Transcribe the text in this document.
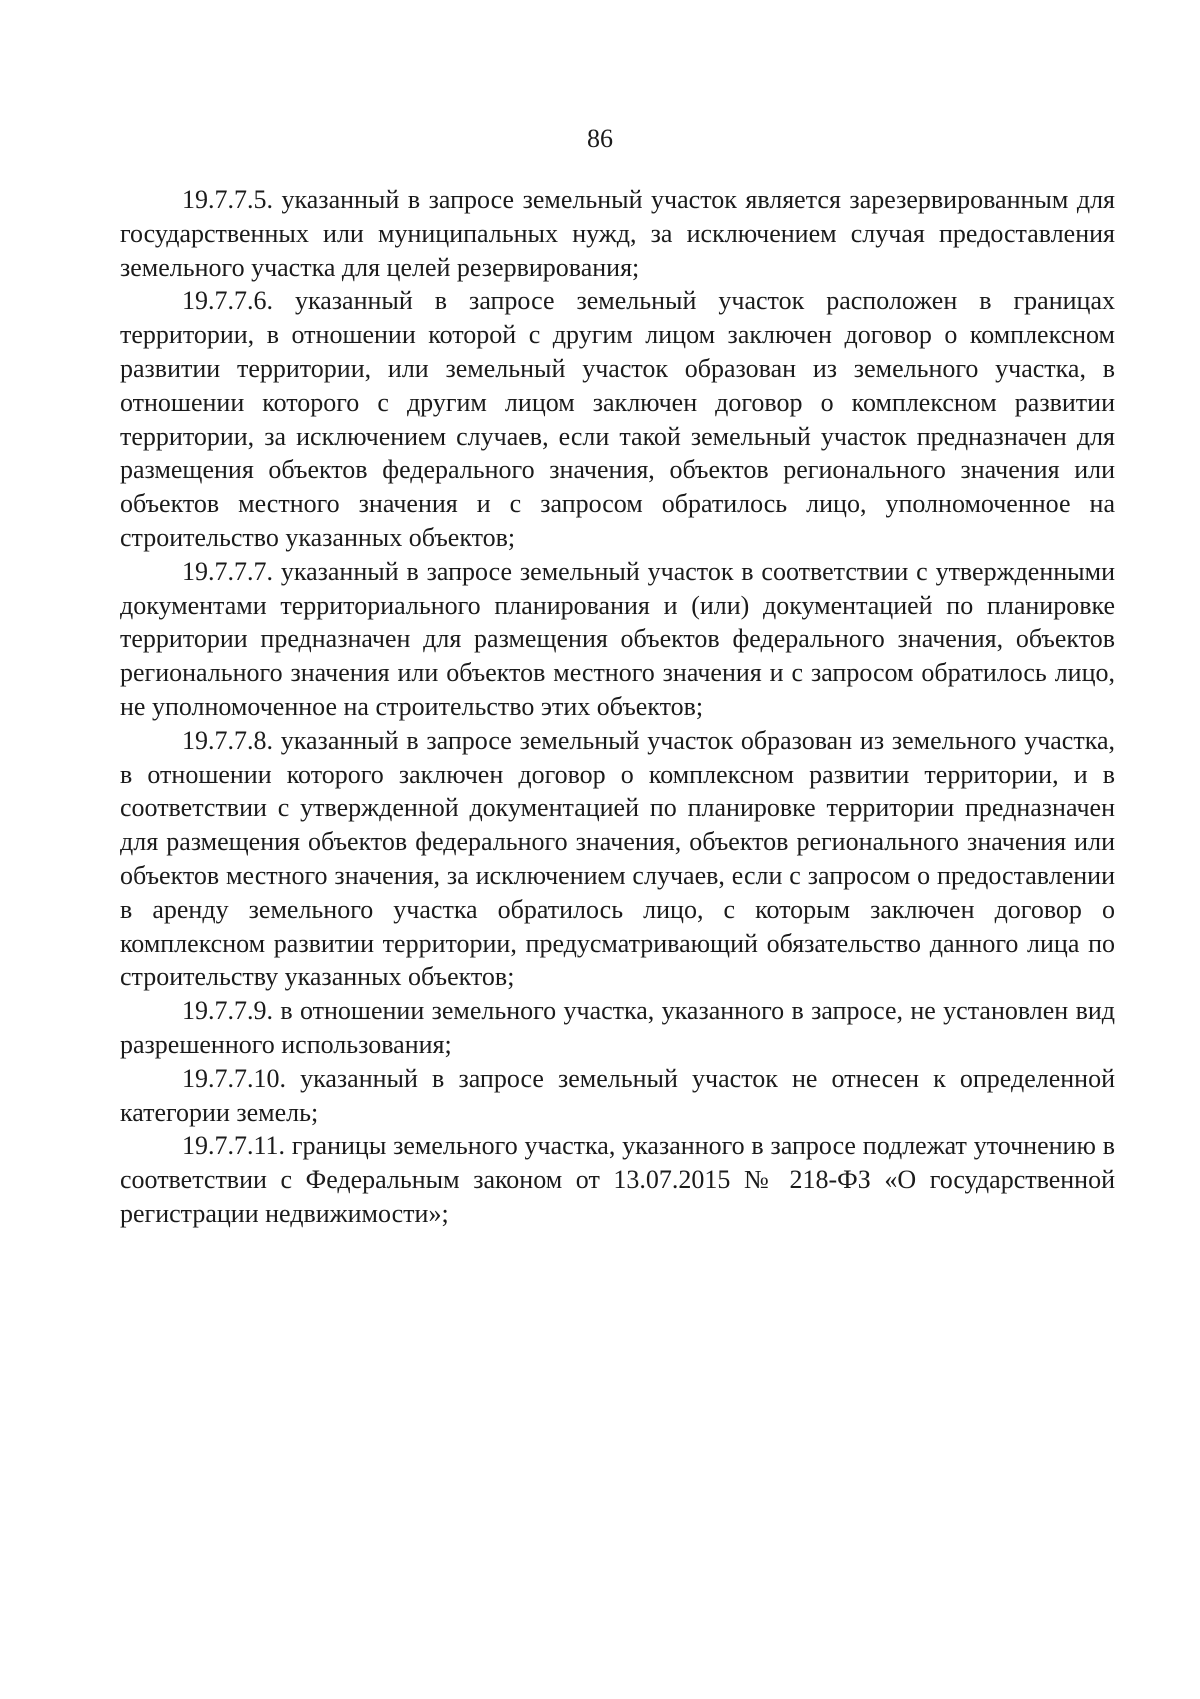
86

19.7.7.5. указанный в запросе земельный участок является зарезервированным для государственных или муниципальных нужд, за исключением случая предоставления земельного участка для целей резервирования;

19.7.7.6. указанный в запросе земельный участок расположен в границах территории, в отношении которой с другим лицом заключен договор о комплексном развитии территории, или земельный участок образован из земельного участка, в отношении которого с другим лицом заключен договор о комплексном развитии территории, за исключением случаев, если такой земельный участок предназначен для размещения объектов федерального значения, объектов регионального значения или объектов местного значения и с запросом обратилось лицо, уполномоченное на строительство указанных объектов;

19.7.7.7. указанный в запросе земельный участок в соответствии с утвержденными документами территориального планирования и (или) документацией по планировке территории предназначен для размещения объектов федерального значения, объектов регионального значения или объектов местного значения и с запросом обратилось лицо, не уполномоченное на строительство этих объектов;

19.7.7.8. указанный в запросе земельный участок образован из земельного участка, в отношении которого заключен договор о комплексном развитии территории, и в соответствии с утвержденной документацией по планировке территории предназначен для размещения объектов федерального значения, объектов регионального значения или объектов местного значения, за исключением случаев, если с запросом о предоставлении в аренду земельного участка обратилось лицо, с которым заключен договор о комплексном развитии территории, предусматривающий обязательство данного лица по строительству указанных объектов;

19.7.7.9. в отношении земельного участка, указанного в запросе, не установлен вид разрешенного использования;

19.7.7.10. указанный в запросе земельный участок не отнесен к определенной категории земель;

19.7.7.11. границы земельного участка, указанного в запросе подлежат уточнению в соответствии с Федеральным законом от 13.07.2015 № 218-ФЗ «О государственной регистрации недвижимости»;
